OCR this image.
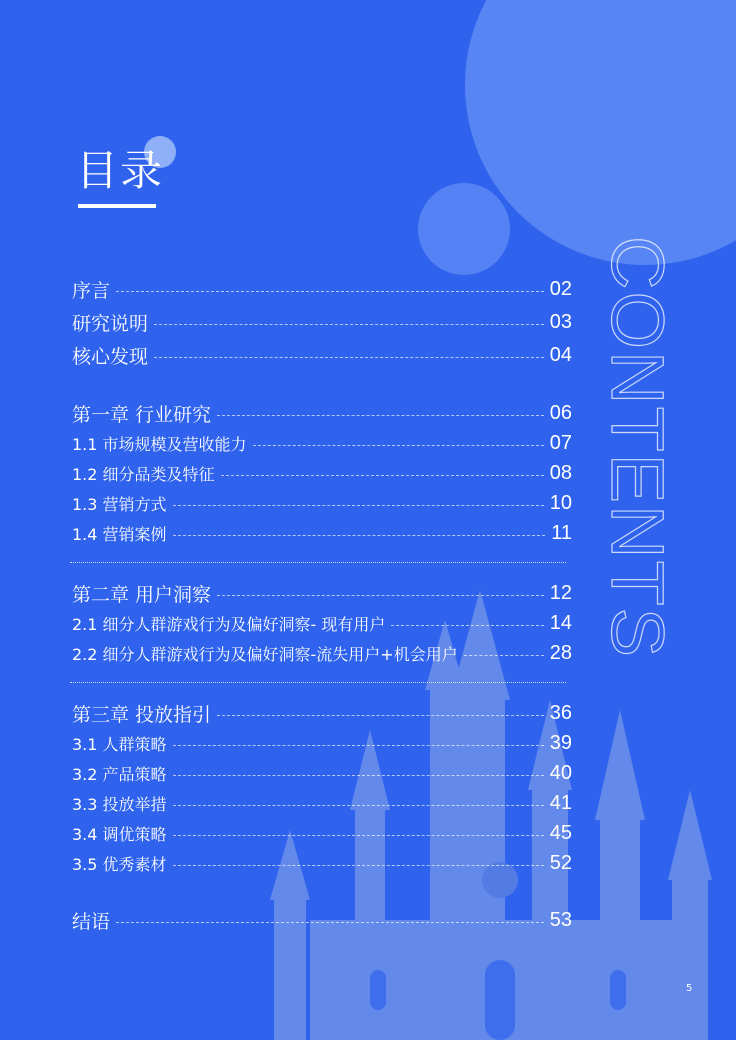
目录
CONTENTS
序言	02
研究说明	03
核心发现	04
第一章 行业研究	06
1.1 市场规模及营收能力	07
1.2 细分品类及特征	08
1.3 营销方式	10
1.4 营销案例	11
第二章 用户洞察	12
2.1 细分人群游戏行为及偏好洞察- 现有用户	14
2.2 细分人群游戏行为及偏好洞察-流失用户+机会用户	28
第三章 投放指引	36
3.1 人群策略	39
3.2 产品策略	40
3.3 投放举措	41
3.4 调优策略	45
3.5 优秀素材	52
结语	53
5
